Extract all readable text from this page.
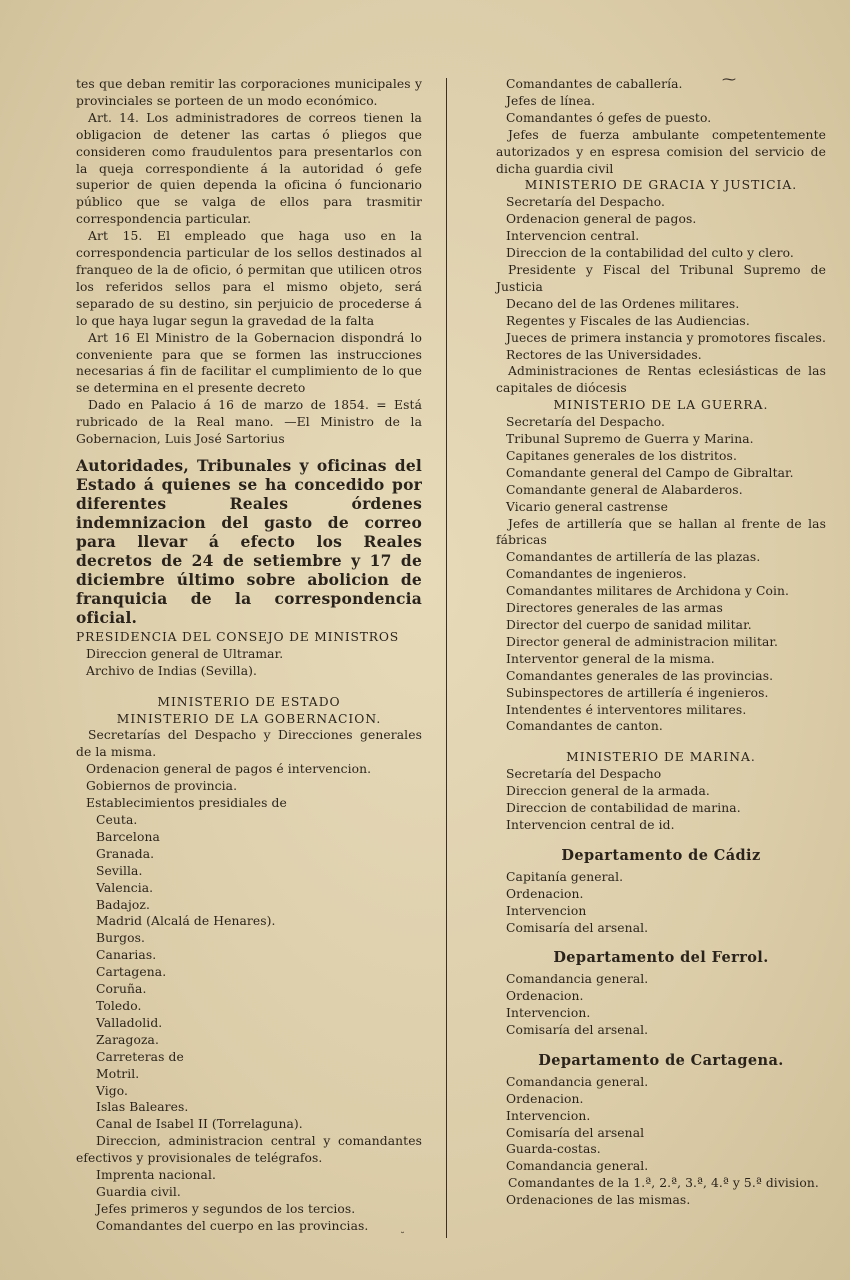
⁓

tes que deban remitir las corporaciones municipales y provinciales se porteen de un modo económico.

Art. 14. Los administradores de correos tienen la obligacion de detener las cartas ó pliegos que consideren como fraudulentos para presentarlos con la queja correspondiente á la autoridad ó gefe superior de quien dependa la oficina ó funcionario público que se valga de ellos para trasmitir correspondencia particular.

Art 15. El empleado que haga uso en la correspondencia particular de los sellos destinados al franqueo de la de oficio, ó permitan que utilicen otros los referidos sellos para el mismo objeto, será separado de su destino, sin perjuicio de procederse á lo que haya lugar segun la gravedad de la falta

Art 16 El Ministro de la Gobernacion dispondrá lo conveniente para que se formen las instrucciones necesarias á fin de facilitar el cumplimiento de lo que se determina en el presente decreto

Dado en Palacio á 16 de marzo de 1854. = Está rubricado de la Real mano. —El Ministro de la Gobernacion, Luis José Sartorius

Autoridades, Tribunales y oficinas del Estado á quienes se ha concedido por diferentes Reales órdenes indemnizacion del gasto de correo para llevar á efecto los Reales decretos de 24 de setiembre y 17 de diciembre último sobre abolicion de franquicia de la correspondencia oficial.

PRESIDENCIA DEL CONSEJO DE MINISTROS

Direccion general de Ultramar.

Archivo de Indias (Sevilla).

MINISTERIO DE ESTADO

MINISTERIO DE LA GOBERNACION.

Secretarías del Despacho y Direcciones generales de la misma.

Ordenacion general de pagos é intervencion.

Gobiernos de provincia.

Establecimientos presidiales de

Ceuta.

Barcelona

Granada.

Sevilla.

Valencia.

Badajoz.

Madrid (Alcalá de Henares).

Burgos.

Canarias.

Cartagena.

Coruña.

Toledo.

Valladolid.

Zaragoza.

Carreteras de

Motril.

Vigo.

Islas Baleares.

Canal de Isabel II (Torrelaguna).

Direccion, administracion central y comandantes efectivos y provisionales de telégrafos.

Imprenta nacional.

Guardia civil.

Jefes primeros y segundos de los tercios.

Comandantes del cuerpo en las provincias.

Comandantes de caballería.

Jefes de línea.

Comandantes ó gefes de puesto.

Jefes de fuerza ambulante competentemente autorizados y en espresa comision del servicio de dicha guardia civil

MINISTERIO DE GRACIA Y JUSTICIA.

Secretaría del Despacho.

Ordenacion general de pagos.

Intervencion central.

Direccion de la contabilidad del culto y clero.

Presidente y Fiscal del Tribunal Supremo de Justicia

Decano del de las Ordenes militares.

Regentes y Fiscales de las Audiencias.

Jueces de primera instancia y promotores fiscales.

Rectores de las Universidades.

Administraciones de Rentas eclesiásticas de las capitales de diócesis

MINISTERIO DE LA GUERRA.

Secretaría del Despacho.

Tribunal Supremo de Guerra y Marina.

Capitanes generales de los distritos.

Comandante general del Campo de Gibraltar.

Comandante general de Alabarderos.

Vicario general castrense

Jefes de artillería que se hallan al frente de las fábricas

Comandantes de artillería de las plazas.

Comandantes de ingenieros.

Comandantes militares de Archidona y Coin.

Directores generales de las armas

Director del cuerpo de sanidad militar.

Director general de administracion militar.

Interventor general de la misma.

Comandantes generales de las provincias.

Subinspectores de artillería é ingenieros.

Intendentes é interventores militares.

Comandantes de canton.

MINISTERIO DE MARINA.

Secretaría del Despacho

Direccion general de la armada.

Direccion de contabilidad de marina.

Intervencion central de id.

Departamento de Cádiz

Capitanía general.

Ordenacion.

Intervencion

Comisaría del arsenal.

Departamento del Ferrol.

Comandancia general.

Ordenacion.

Intervencion.

Comisaría del arsenal.

Departamento de Cartagena.

Comandancia general.

Ordenacion.

Intervencion.

Comisaría del arsenal

Guarda-costas.

Comandancia general.

Comandantes de la 1.ª, 2.ª, 3.ª, 4.ª y 5.ª division.

Ordenaciones de las mismas.

˘
